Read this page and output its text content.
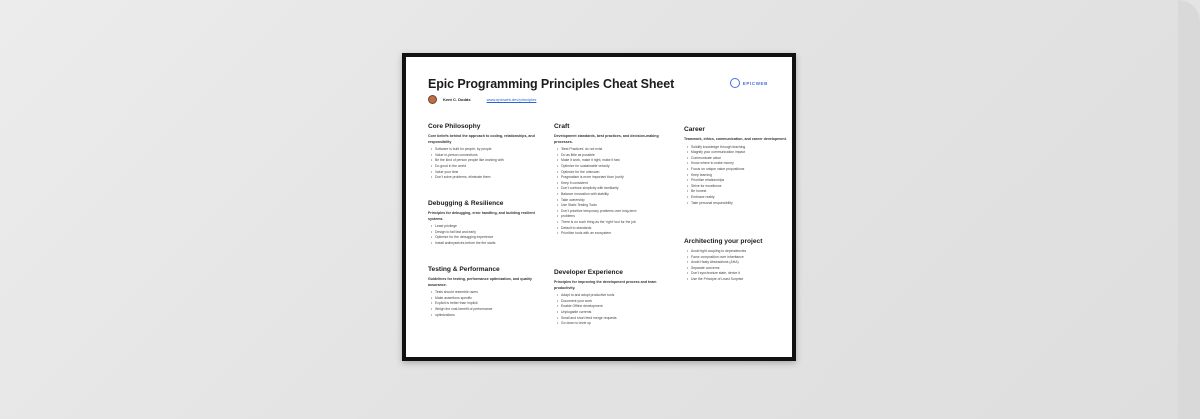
Epic Programming Principles Cheat Sheet	EPICWEB
Kent C. Dodds	www.epicweb.dev/principles
Core Philosophy

Core beliefs behind the approach to coding, relationships, and responsibility

• Software is built for people, by people
• Value in-person connections
• Be the kind of person people like working with
• Do good in the world
• Value your time
• Don't solve problems, eliminate them
Debugging & Resilience

Principles for debugging, error handling, and building resilient systems.

• Least privilege
• Design to fail fast and early
• Optimize for the debugging experience
• Install antimyselves before the fire starts
Testing & Performance

Guidelines for testing, performance optimization, and quality assurance.

• Tests should resemble users
• Make assertions specific
• Explicit is better than implicit
• Weigh the cost-benefit of performance
• optimizations
Craft

Development standards, best practices, and decision-making processes.

• 'Best Practices' do not exist
• Do as little as possible
• Make it work, make it right, make it fast
• Optimize for sustainable velocity
• Optimize for the unknown
• Pragmatism is more important than 'purity'
• Keep it consistent
• Don't confuse simplicity with familiarity
• Balance innovation with stability
• Take ownership
• Use Static Testing Tools
• Don't prioritize temporary problems over long-term
• problems
• There is no such thing as the 'right' tool for the job
• Default to standards
• Prioritize tools with an ecosystem
Developer Experience

Principles for improving the development process and team productivity.

• Adapt to and adopt productive tools
• Document your work
• Enable Offline development
• Unplugable currents
• Small and short feed merge requests
• Go down to level up
Career

Teamwork, ethics, communication, and career development.

• Solidify knowledge through teaching
• Magnify your communication impact
• Communicate value
• Know where to make money
• Focus on unique value propositions
• Keep learning
• Prioritize relationships
• Strive for excellence
• Be honest
• Embrace reality
• Take personal responsibility
Architecting your project
• Avoid tight coupling to dependencies
• Favor composition over inheritance
• Avoid Hasty Abstractions (AHA)
• Separate concerns
• Don't synchronize state, derive it
• Use the Principle of Least Surprise
